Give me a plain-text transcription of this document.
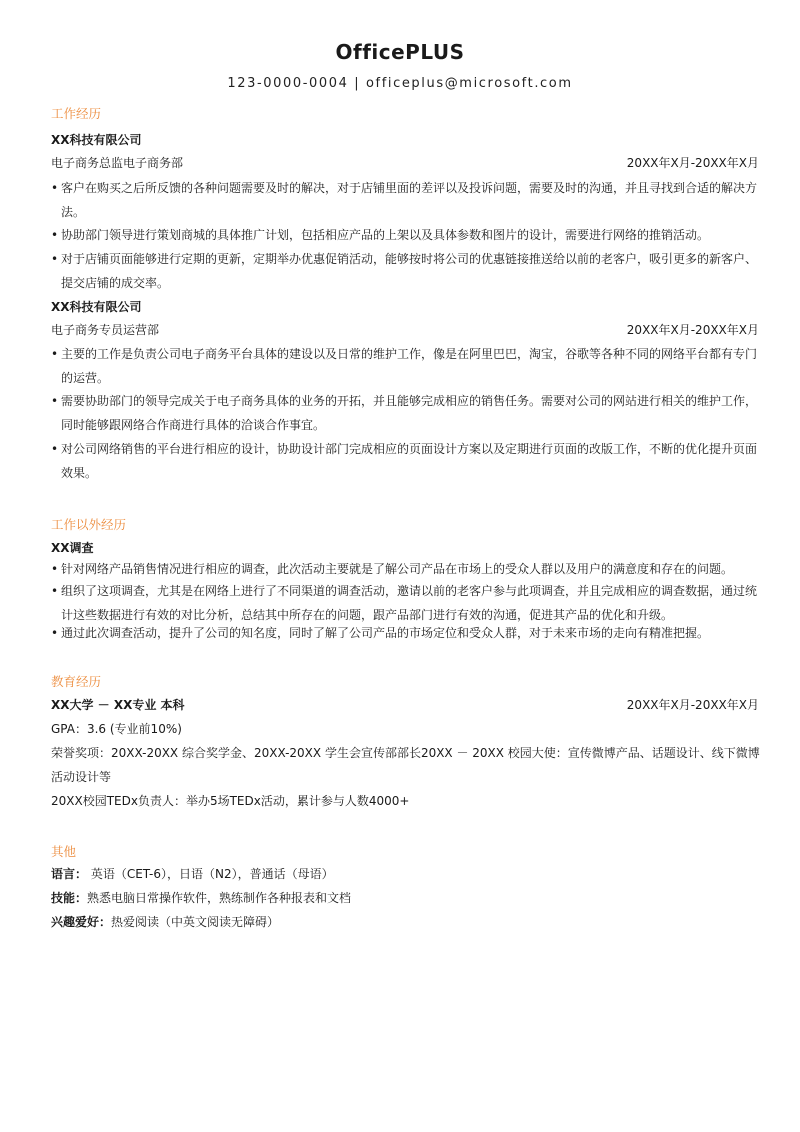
OfficePLUS
123-0000-0004 | officeplus@microsoft.com
工作经历
XX科技有限公司
电子商务总监电子商务部	20XX年X月-20XX年X月
• 客户在购买之后所反馈的各种问题需要及时的解决，对于店铺里面的差评以及投诉问题，需要及时的沟通，并且寻找到合适的解决方法。
• 协助部门领导进行策划商城的具体推广计划，包括相应产品的上架以及具体参数和图片的设计，需要进行网络的推销活动。
• 对于店铺页面能够进行定期的更新，定期举办优惠促销活动，能够按时将公司的优惠链接推送给以前的老客户，吸引更多的新客户、提交店铺的成交率。
XX科技有限公司
电子商务专员运营部	20XX年X月-20XX年X月
• 主要的工作是负责公司电子商务平台具体的建设以及日常的维护工作，像是在阿里巴巴，淘宝，谷歌等各种不同的网络平台都有专门的运营。
• 需要协助部门的领导完成关于电子商务具体的业务的开拓，并且能够完成相应的销售任务。需要对公司的网站进行相关的维护工作，同时能够跟网络合作商进行具体的洽谈合作事宜。
• 对公司网络销售的平台进行相应的设计，协助设计部门完成相应的页面设计方案以及定期进行页面的改版工作，不断的优化提升页面效果。
工作以外经历
XX调查
• 针对网络产品销售情况进行相应的调查，此次活动主要就是了解公司产品在市场上的受众人群以及用户的满意度和存在的问题。
• 组织了这项调查，尤其是在网络上进行了不同渠道的调查活动，邀请以前的老客户参与此项调查，并且完成相应的调查数据，通过统计这些数据进行有效的对比分析，总结其中所存在的问题，跟产品部门进行有效的沟通，促进其产品的优化和升级。
• 通过此次调查活动，提升了公司的知名度，同时了解了公司产品的市场定位和受众人群，对于未来市场的走向有精准把握。
教育经历
XX大学 － XX专业 本科	20XX年X月-20XX年X月
GPA：3.6 (专业前10%)
荣誉奖项：20XX-20XX 综合奖学金、20XX-20XX 学生会宣传部部长20XX － 20XX 校园大使：宣传微博产品、话题设计、线下微博
活动设计等
20XX校园TEDx负责人：举办5场TEDx活动，累计参与人数4000+
其他
语言： 英语（CET-6），日语（N2），普通话（母语）
技能：熟悉电脑日常操作软件，熟练制作各种报表和文档
兴趣爱好：热爱阅读（中英文阅读无障碍）
